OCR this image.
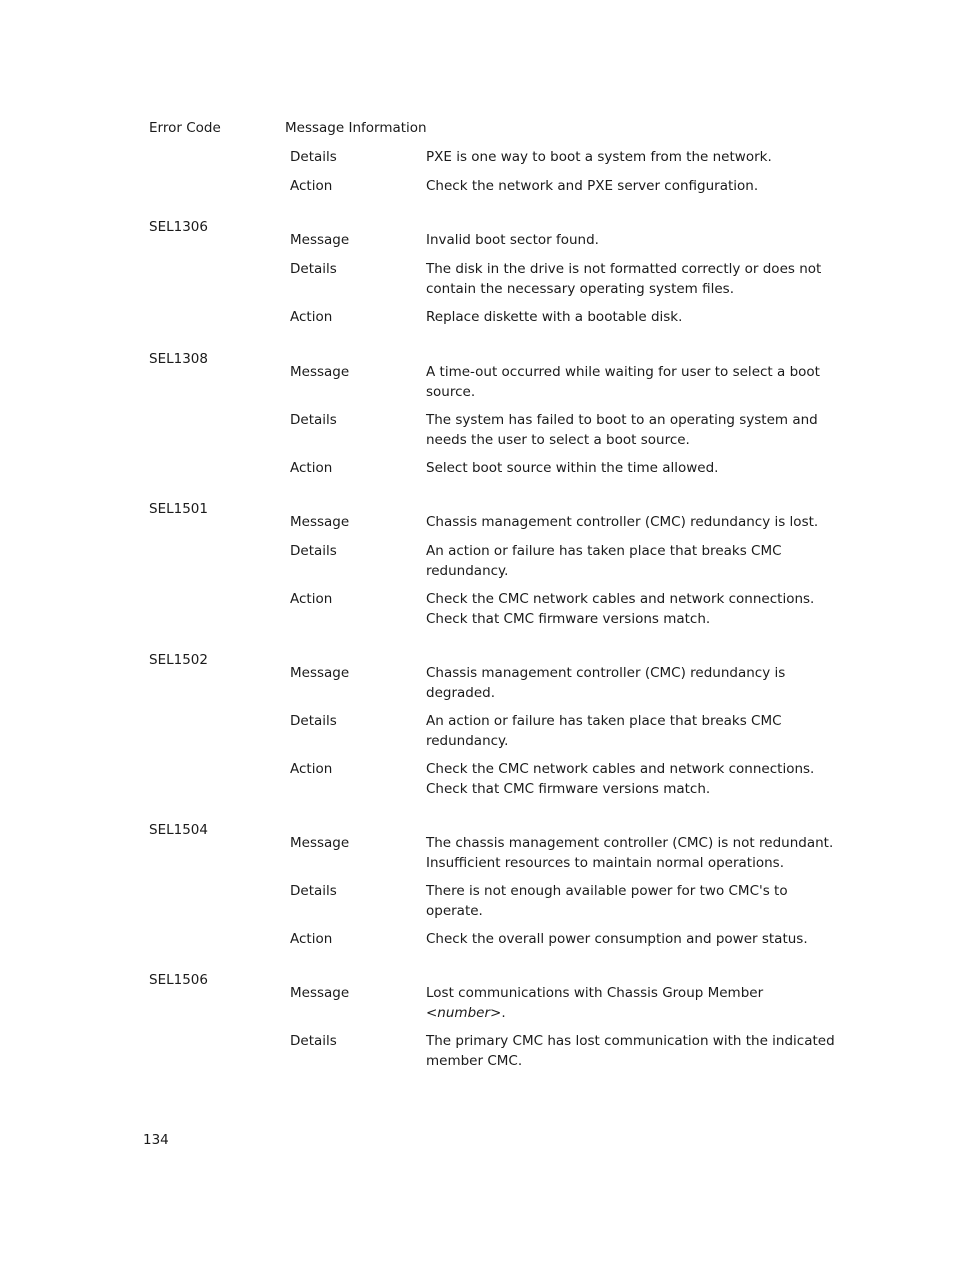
Error Code	Message Information
Details	PXE is one way to boot a system from the network.
Action	Check the network and PXE server configuration.
SEL1306
Message	Invalid boot sector found.
Details	The disk in the drive is not formatted correctly or does not
contain the necessary operating system files.
Action	Replace diskette with a bootable disk.
SEL1308
Message	A time-out occurred while waiting for user to select a boot
source.
Details	The system has failed to boot to an operating system and
needs the user to select a boot source.
Action	Select boot source within the time allowed.
SEL1501
Message	Chassis management controller (CMC) redundancy is lost.
Details	An action or failure has taken place that breaks CMC
redundancy.
Action	Check the CMC network cables and network connections.
Check that CMC firmware versions match.
SEL1502
Message	Chassis management controller (CMC) redundancy is
degraded.
Details	An action or failure has taken place that breaks CMC
redundancy.
Action	Check the CMC network cables and network connections.
Check that CMC firmware versions match.
SEL1504
Message	The chassis management controller (CMC) is not redundant.
Insufficient resources to maintain normal operations.
Details	There is not enough available power for two CMC's to
operate.
Action	Check the overall power consumption and power status.
SEL1506
Message	Lost communications with Chassis Group Member
<number>.
Details	The primary CMC has lost communication with the indicated
member CMC.
134
